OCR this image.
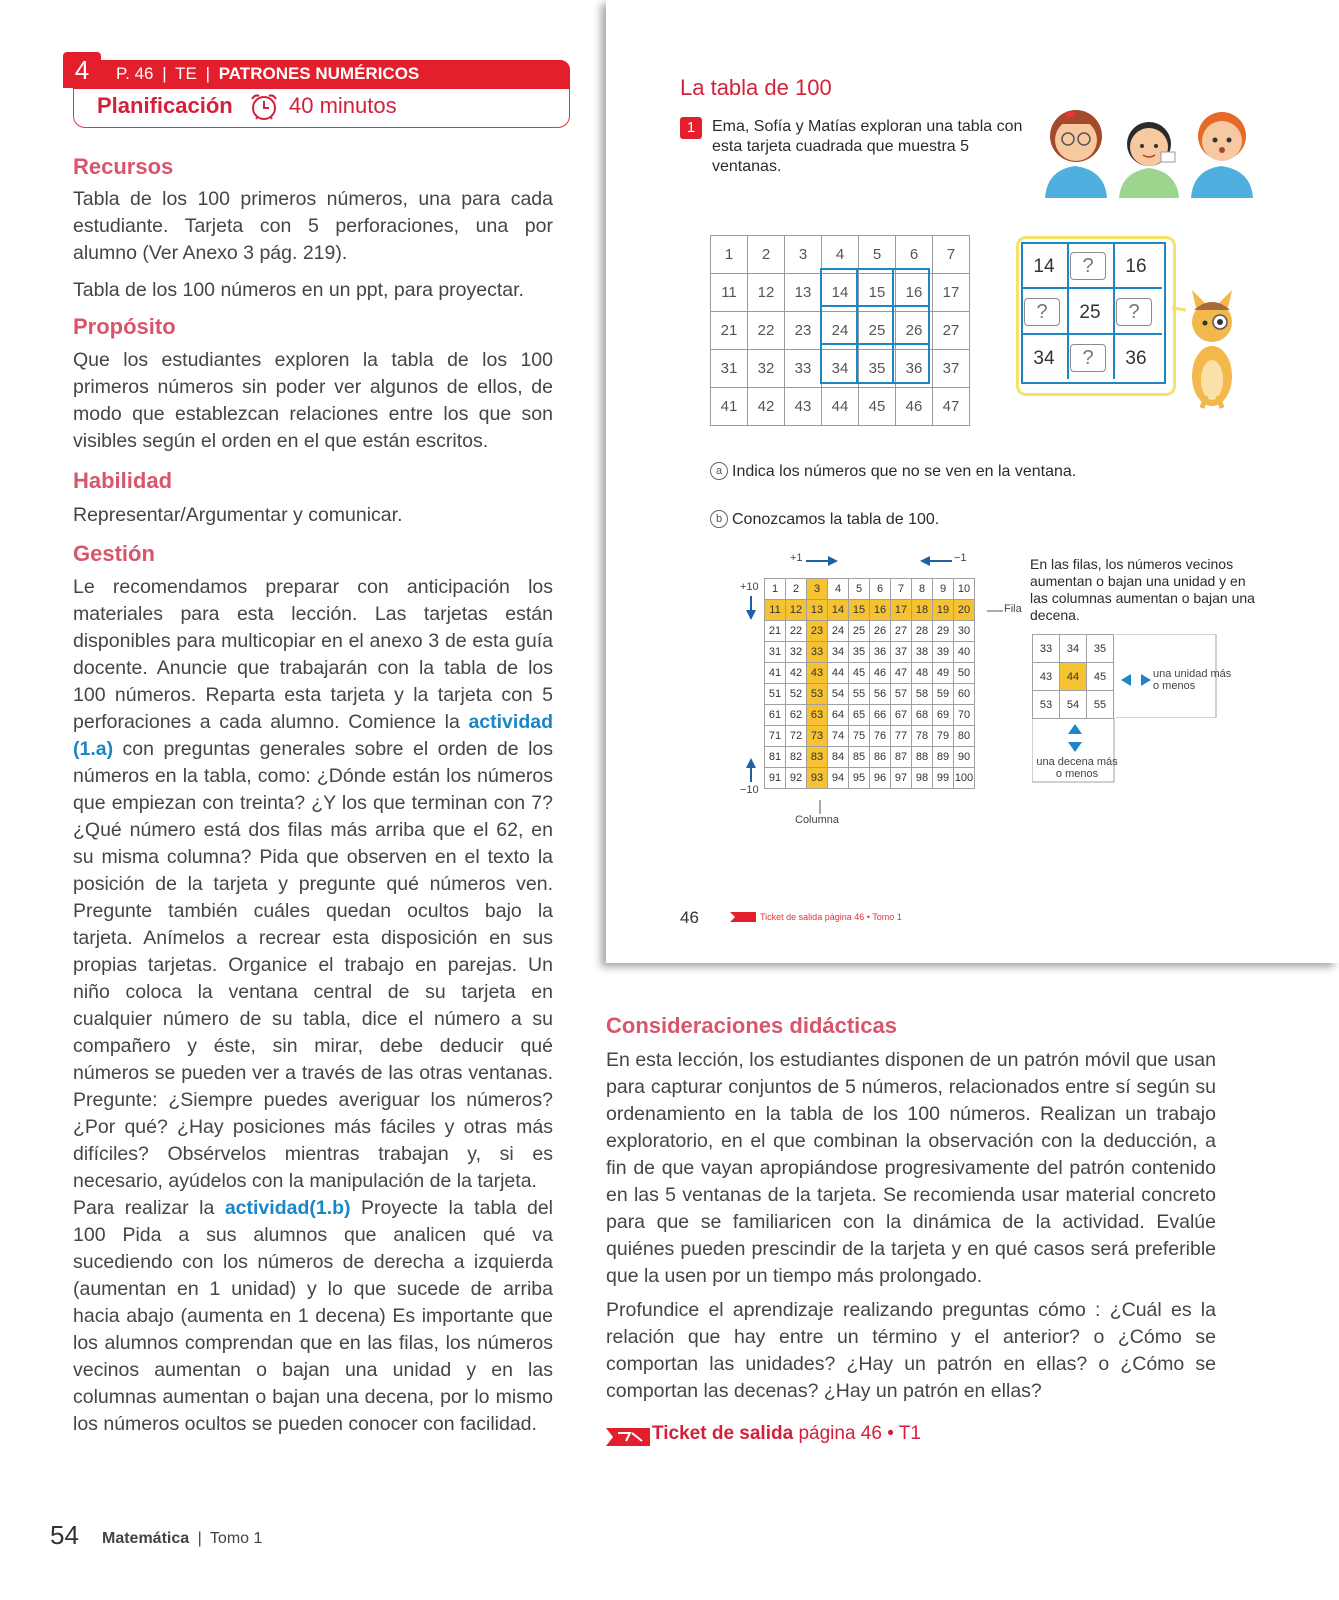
P. 46 | TE | PATRONES NUMÉRICOS
4
Planificación	40 minutos
Recursos
Tabla de los 100 primeros números, una para cada estudiante. Tarjeta con 5 perforaciones, una por alumno (Ver Anexo 3 pág. 219).
Tabla de los 100 números en un ppt, para proyectar.
Propósito
Que los estudiantes exploren la tabla de los 100 primeros números sin poder ver algunos de ellos, de modo que establezcan relaciones entre los que son visibles según el orden en el que están escritos.
Habilidad
Representar/Argumentar y comunicar.
Gestión
Le recomendamos preparar con anticipación los materiales para esta lección. Las tarjetas están disponibles para multicopiar en el anexo 3 de esta guía docente. Anuncie que trabajarán con la tabla de los 100 números. Reparta esta tarjeta y la tarjeta con 5 perforaciones a cada alumno. Comience la actividad (1.a) con preguntas generales sobre el orden de los números en la tabla, como: ¿Dónde están los números que empiezan con treinta? ¿Y los que terminan con 7? ¿Qué número está dos filas más arriba que el 62, en su misma columna? Pida que observen en el texto la posición de la tarjeta y pregunte qué números ven. Pregunte también cuáles quedan ocultos bajo la tarjeta. Anímelos a recrear esta disposición en sus propias tarjetas. Organice el trabajo en parejas. Un niño coloca la ventana central de su tarjeta en cualquier número de su tabla, dice el número a su compañero y éste, sin mirar, debe deducir qué números se pueden ver a través de las otras ventanas. Pregunte: ¿Siempre puedes averiguar los números? ¿Por qué? ¿Hay posiciones más fáciles y otras más difíciles? Obsérvelos mientras trabajan y, si es necesario, ayúdelos con la manipulación de la tarjeta.
Para realizar la actividad(1.b) Proyecte la tabla del 100 Pida a sus alumnos que analicen qué va sucediendo con los números de derecha a izquierda (aumentan en 1 unidad) y lo que sucede de arriba hacia abajo (aumenta en 1 decena) Es importante que los alumnos comprendan que en las filas, los números vecinos aumentan o bajan una unidad y en las columnas aumentan o bajan una decena, por lo mismo los números ocultos se pueden conocer con facilidad.
La tabla de 100
1	Ema, Sofía y Matías exploran una tabla con esta tarjeta cuadrada que muestra 5 ventanas.
1	2	3	4	5	6	7
11	12	13	14	15	16	17
21	22	23	24	25	26	27
31	32	33	34	35	36	37
41	42	43	44	45	46	47
14	?	16
?	25	?
34	?	36
a Indica los números que no se ven en la ventana.
b Conozcamos la tabla de 100.
+1	−1
+10
−10
1	2	3	4	5	6	7	8	9	10
11	12	13	14	15	16	17	18	19	20
21	22	23	24	25	26	27	28	29	30
31	32	33	34	35	36	37	38	39	40
41	42	43	44	45	46	47	48	49	50
51	52	53	54	55	56	57	58	59	60
61	62	63	64	65	66	67	68	69	70
71	72	73	74	75	76	77	78	79	80
81	82	83	84	85	86	87	88	89	90
91	92	93	94	95	96	97	98	99	100
Fila
Columna
En las filas, los números vecinos aumentan o bajan una unidad y en las columnas aumentan o bajan una decena.
33	34	35
43	44	45
53	54	55
una unidad más o menos
una decena más o menos
46	Ticket de salida página 46 • Tomo 1
Consideraciones didácticas
En esta lección, los estudiantes disponen de un patrón móvil que usan para capturar conjuntos de 5 números, relacionados entre sí según su ordenamiento en la tabla de los 100 números. Realizan un trabajo exploratorio, en el que combinan la observación con la deducción, a fin de que vayan apropiándose progresivamente del patrón contenido en las 5 ventanas de la tarjeta. Se recomienda usar material concreto para que se familiaricen con la dinámica de la actividad. Evalúe quiénes pueden prescindir de la tarjeta y en qué casos será preferible que la usen por un tiempo más prolongado.
Profundice el aprendizaje realizando preguntas cómo : ¿Cuál es la relación que hay entre un término y el anterior? o ¿Cómo se comportan las unidades? ¿Hay un patrón en ellas? o ¿Cómo se comportan las decenas? ¿Hay un patrón en ellas?
Ticket de salida página 46 • T1
54 Matemática | Tomo 1
